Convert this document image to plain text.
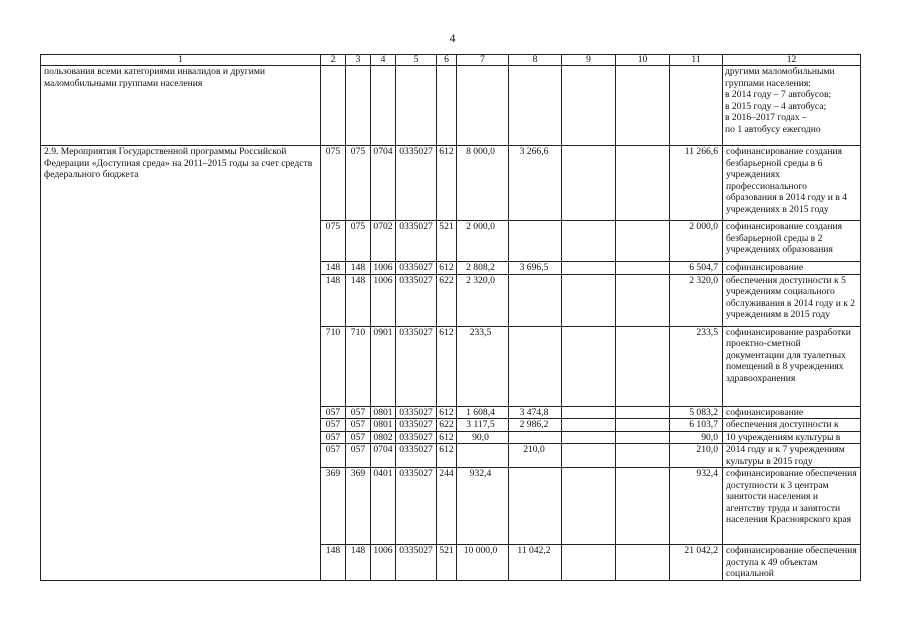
4
1	2	3	4	5	6	7	8	9	10	11	12
пользования всеми категориями инвалидов и другими маломобильными группами населения											другими маломобильными группами населения:
в 2014 году – 7 автобусов;
в 2015 году – 4 автобуса;
в 2016–2017 годах –
по 1 автобусу ежегодно
2.9. Мероприятия Государственной программы Российской Федерации «Доступная среда» на 2011–2015 годы за счет средств федерального бюджета	075	075	0704	0335027	612	8 000,0	3 266,6			11 266,6	софинансирование создания безбарьерной среды в 6 учреждениях профессионального образования в 2014 году и в 4 учреждениях в 2015 году
	075	075	0702	0335027	521	2 000,0				2 000,0	софинансирование создания безбарьерной среды в 2 учреждениях образования
	148	148	1006	0335027	612	2 808,2	3 696,5			6 504,7	софинансирование
	148	148	1006	0335027	622	2 320,0				2 320,0	обеспечения доступности к 5 учреждениям социального обслуживания в 2014 году и к 2 учреждениям в 2015 году
	710	710	0901	0335027	612	233,5				233,5	софинансирование разработки проектно-сметной документации для туалетных помещений в 8 учреждениях здравоохранения
	057	057	0801	0335027	612	1 608,4	3 474,8			5 083,2	софинансирование
	057	057	0801	0335027	622	3 117,5	2 986,2			6 103,7	обеспечения доступности к
	057	057	0802	0335027	612	90,0				90,0	10 учреждениям культуры в
	057	057	0704	0335027	612		210,0			210,0	2014 году и к 7 учреждениям культуры в 2015 году
	369	369	0401	0335027	244	932,4				932,4	софинансирование обеспечения доступности к 3 центрам занятости населения и агентству труда и занятости населения Красноярского края
	148	148	1006	0335027	521	10 000,0	11 042,2			21 042,2	софинансирование обеспечения доступа к 49 объектам социальной
